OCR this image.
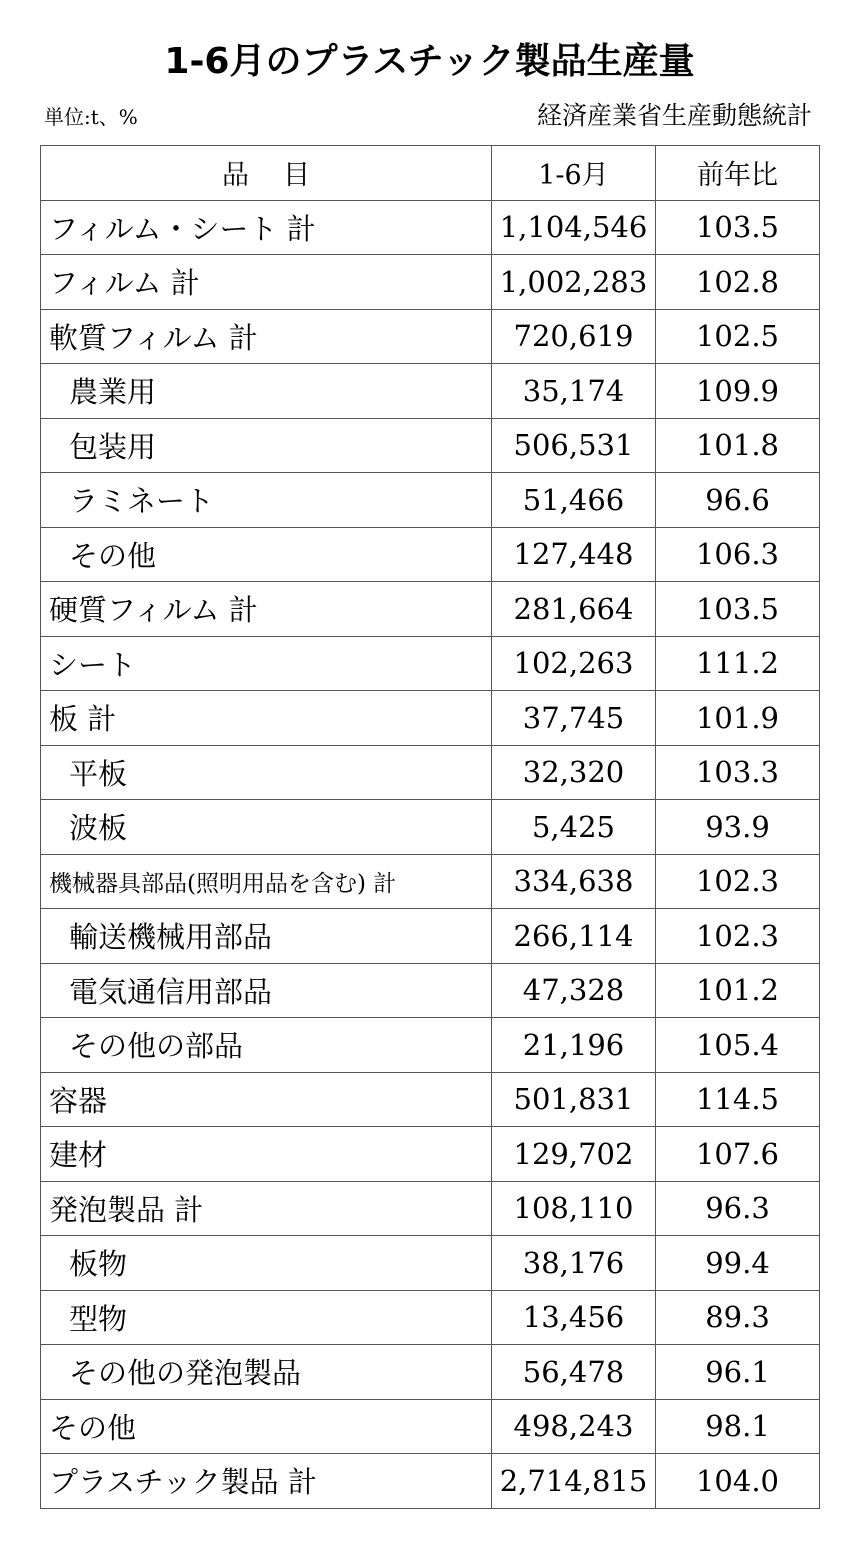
1-6月のプラスチック製品生産量
単位:t、%	経済産業省生産動態統計
品 目	1-6月	前年比
フィルム・シート 計	1,104,546	103.5
フィルム 計	1,002,283	102.8
軟質フィルム 計	720,619	102.5
農業用	35,174	109.9
包装用	506,531	101.8
ラミネート	51,466	96.6
その他	127,448	106.3
硬質フィルム 計	281,664	103.5
シート	102,263	111.2
板 計	37,745	101.9
平板	32,320	103.3
波板	5,425	93.9
機械器具部品(照明用品を含む) 計	334,638	102.3
輸送機械用部品	266,114	102.3
電気通信用部品	47,328	101.2
その他の部品	21,196	105.4
容器	501,831	114.5
建材	129,702	107.6
発泡製品 計	108,110	96.3
板物	38,176	99.4
型物	13,456	89.3
その他の発泡製品	56,478	96.1
その他	498,243	98.1
プラスチック製品 計	2,714,815	104.0
